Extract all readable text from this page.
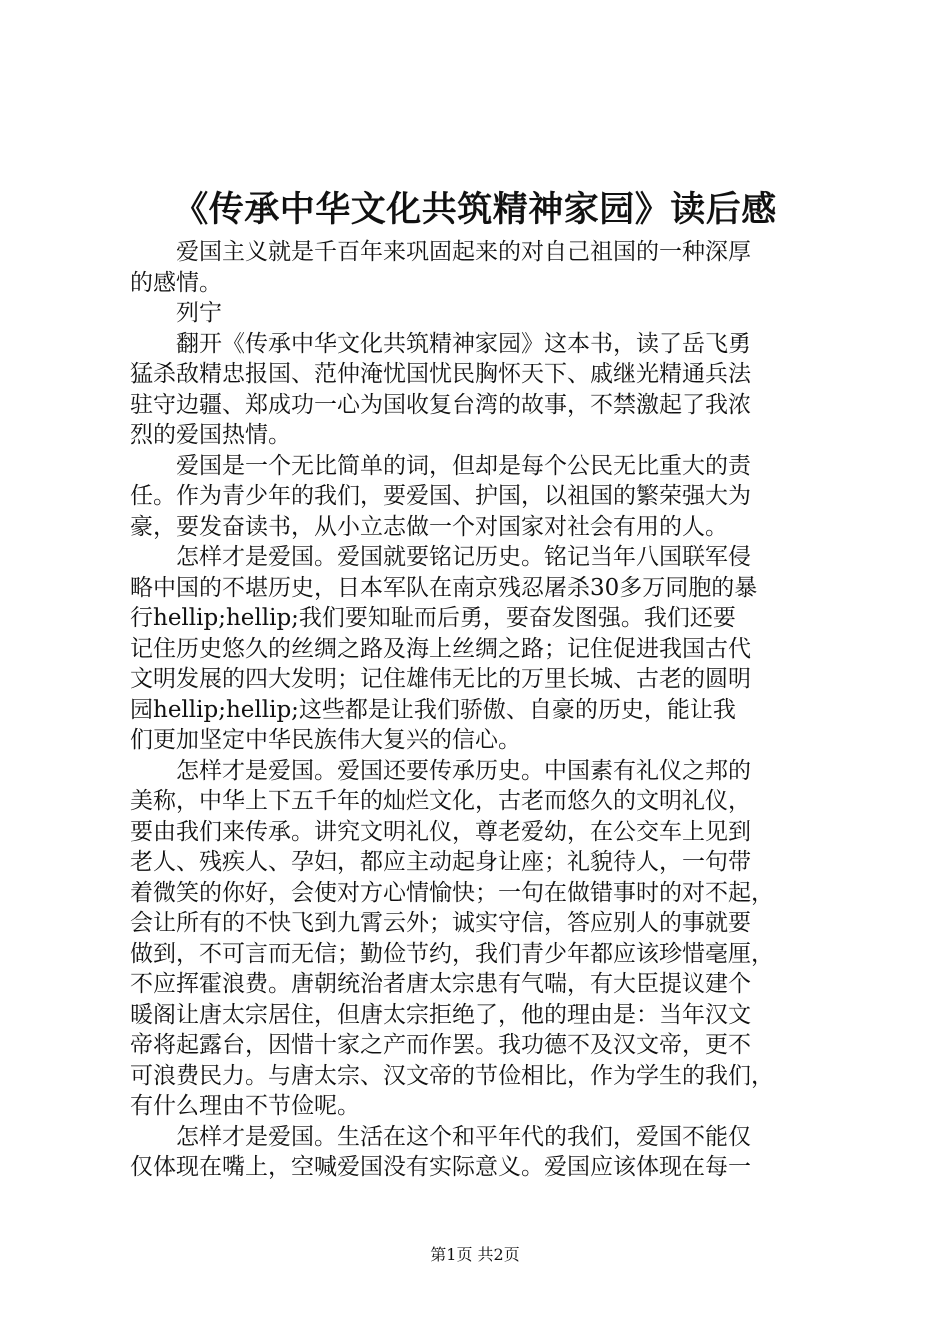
《传承中华文化共筑精神家园》读后感
　　爱国主义就是千百年来巩固起来的对自己祖国的一种深厚
的感情。
　　列宁
　　翻开《传承中华文化共筑精神家园》这本书，读了岳飞勇
猛杀敌精忠报国、范仲淹忧国忧民胸怀天下、戚继光精通兵法
驻守边疆、郑成功一心为国收复台湾的故事，不禁激起了我浓
烈的爱国热情。
　　爱国是一个无比简单的词，但却是每个公民无比重大的责
任。作为青少年的我们，要爱国、护国，以祖国的繁荣强大为
豪，要发奋读书，从小立志做一个对国家对社会有用的人。
　　怎样才是爱国。爱国就要铭记历史。铭记当年八国联军侵
略中国的不堪历史，日本军队在南京残忍屠杀30多万同胞的暴
行hellip;hellip;我们要知耻而后勇，要奋发图强。我们还要
记住历史悠久的丝绸之路及海上丝绸之路；记住促进我国古代
文明发展的四大发明；记住雄伟无比的万里长城、古老的圆明
园hellip;hellip;这些都是让我们骄傲、自豪的历史，能让我
们更加坚定中华民族伟大复兴的信心。
　　怎样才是爱国。爱国还要传承历史。中国素有礼仪之邦的
美称，中华上下五千年的灿烂文化，古老而悠久的文明礼仪，
要由我们来传承。讲究文明礼仪，尊老爱幼，在公交车上见到
老人、残疾人、孕妇，都应主动起身让座；礼貌待人，一句带
着微笑的你好，会使对方心情愉快；一句在做错事时的对不起，
会让所有的不快飞到九霄云外；诚实守信，答应别人的事就要
做到，不可言而无信；勤俭节约，我们青少年都应该珍惜毫厘，
不应挥霍浪费。唐朝统治者唐太宗患有气喘，有大臣提议建个
暖阁让唐太宗居住，但唐太宗拒绝了，他的理由是：当年汉文
帝将起露台，因惜十家之产而作罢。我功德不及汉文帝，更不
可浪费民力。与唐太宗、汉文帝的节俭相比，作为学生的我们，
有什么理由不节俭呢。
　　怎样才是爱国。生活在这个和平年代的我们，爱国不能仅
仅体现在嘴上，空喊爱国没有实际意义。爱国应该体现在每一
第1页 共2页
